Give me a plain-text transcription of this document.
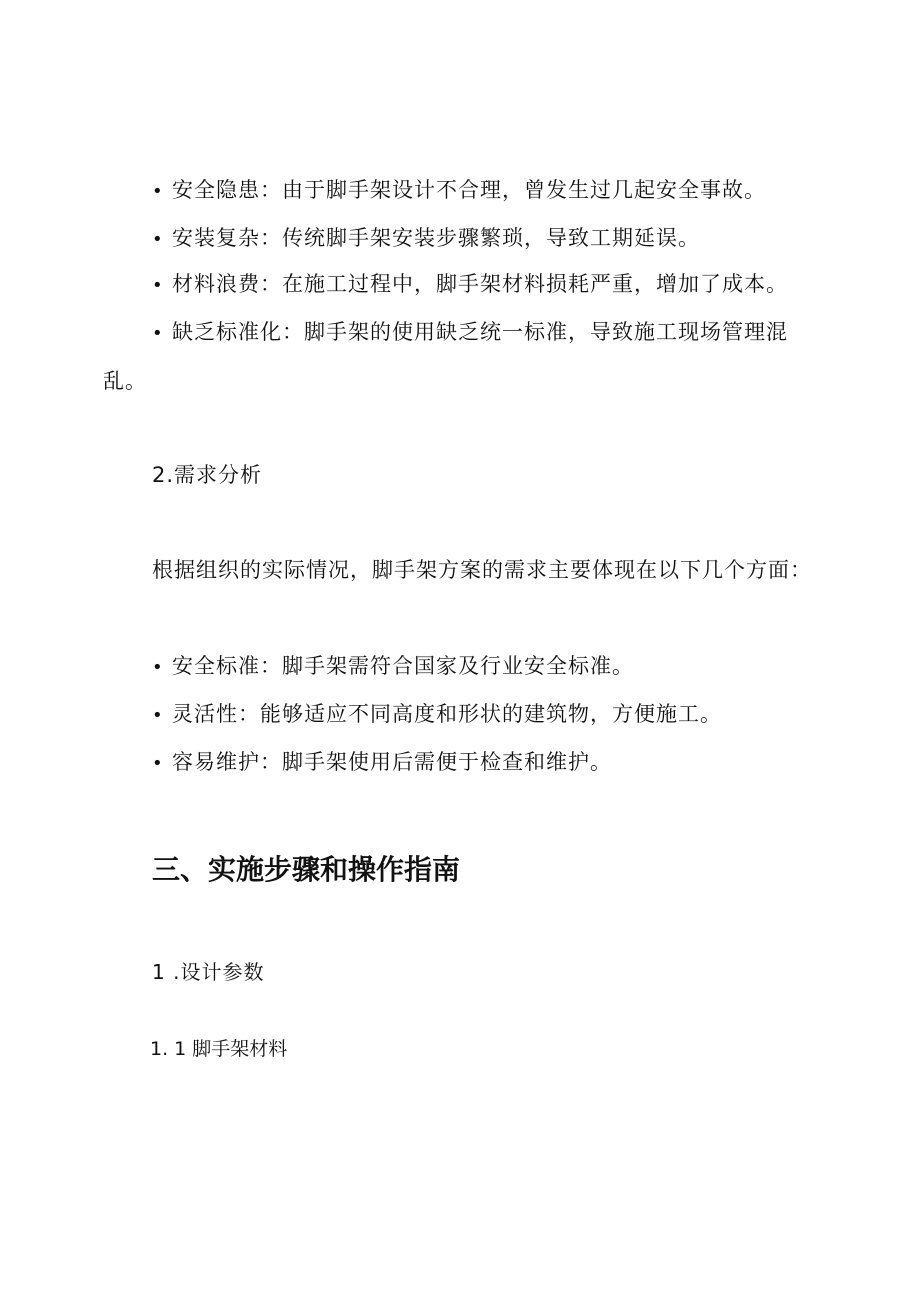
• 安全隐患：由于脚手架设计不合理，曾发生过几起安全事故。
• 安装复杂：传统脚手架安装步骤繁琐，导致工期延误。
• 材料浪费：在施工过程中，脚手架材料损耗严重，增加了成本。
• 缺乏标准化：脚手架的使用缺乏统一标准，导致施工现场管理混
乱。
2.需求分析
根据组织的实际情况，脚手架方案的需求主要体现在以下几个方面：
• 安全标准：脚手架需符合国家及行业安全标准。
• 灵活性：能够适应不同高度和形状的建筑物，方便施工。
• 容易维护：脚手架使用后需便于检查和维护。
三、实施步骤和操作指南
1 .设计参数
1. 1 脚手架材料
